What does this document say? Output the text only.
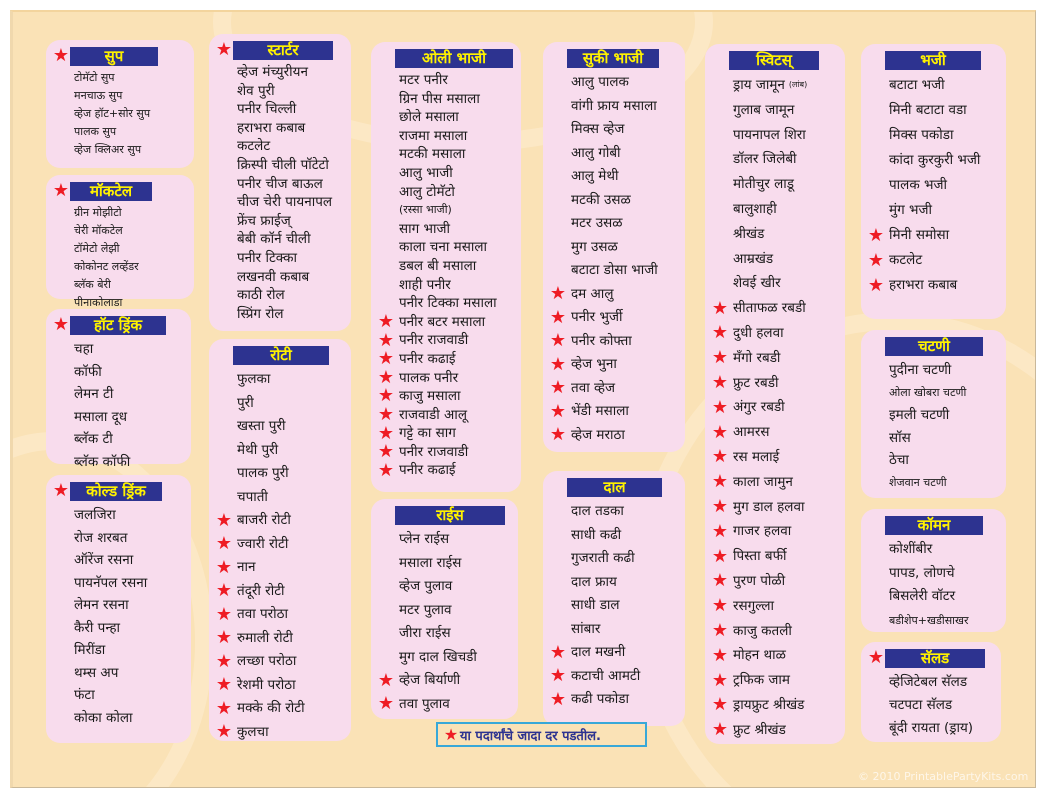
★	सुप
टोमॅटो सुप
मनचाऊ सुप
व्हेज हॉट+सोर सुप
पालक सुप
व्हेज क्लिअर सुप
★	मॉकटेल
ग्रीन मोझीटो
चेरी मॉकटेल
टॉमेटो लेझी
कोकोनट लव्हेंडर
ब्लॅक बेरी
पीनाकोलाडा
★	हॉट ड्रिंक
चहा
कॉफी
लेमन टी
मसाला दूध
ब्लॅक टी
ब्लॅक कॉफी
★	कोल्ड ड्रिंक
जलजिरा
रोज शरबत
ऑरेंज रसना
पायनॅपल रसना
लेमन रसना
कैरी पन्हा
मिरींडा
थम्स अप
फंटा
कोका कोला
★	स्टार्टर
व्हेज मंच्युरीयन
शेव पुरी
पनीर चिल्ली
हराभरा कबाब
कटलेट
क्रिस्पी चीली पॉटेटो
पनीर चीज बाऊल
चीज चेरी पायनापल
फ्रेंच फ्राईज्
बेबी कॉर्न चीली
पनीर टिक्का
लखनवी कबाब
काठी रोल
स्प्रिंग रोल
रोटी
फुलका
पुरी
खस्ता पुरी
मेथी पुरी
पालक पुरी
चपाती
★ बाजरी रोटी
★ ज्वारी रोटी
★ नान
★ तंदूरी रोटी
★ तवा परोठा
★ रुमाली रोटी
★ लच्छा परोठा
★ रेशमी परोठा
★ मक्के की रोटी
★ कुलचा
ओली भाजी
मटर पनीर
ग्रिन पीस मसाला
छोले मसाला
राजमा मसाला
मटकी मसाला
आलु भाजी
आलु टोमॅटो
(रस्सा भाजी)
साग भाजी
काला चना मसाला
डबल बी मसाला
शाही पनीर
पनीर टिक्का मसाला
★ पनीर बटर मसाला
★ पनीर राजवाडी
★ पनीर कढाई
★ पालक पनीर
★ काजु मसाला
★ राजवाडी आलू
★ गट्टे का साग
★ पनीर राजवाडी
★ पनीर कढाई
राईस
प्लेन राईस
मसाला राईस
व्हेज पुलाव
मटर पुलाव
जीरा राईस
मुग दाल खिचडी
★ व्हेज बिर्याणी
★ तवा पुलाव
सुकी भाजी
आलु पालक
वांगी फ्राय मसाला
मिक्स व्हेज
आलु गोबी
आलु मेथी
मटकी उसळ
मटर उसळ
मुग उसळ
बटाटा डोसा भाजी
★ दम आलु
★ पनीर भुर्जी
★ पनीर कोफ्ता
★ व्हेज भुना
★ तवा व्हेज
★ भेंडी मसाला
★ व्हेज मराठा
दाल
दाल तडका
साधी कढी
गुजराती कढी
दाल फ्राय
साधी डाल
सांबार
★ दाल मखनी
★ कटाची आमटी
★ कढी पकोडा
स्विटस्
ड्राय जामून (लांब)
गुलाब जामून
पायनापल शिरा
डॉलर जिलेबी
मोतीचुर लाडू
बालुशाही
श्रीखंड
आम्रखंड
शेवई खीर
★ सीताफळ रबडी
★ दुधी हलवा
★ मँगो रबडी
★ फ्रुट रबडी
★ अंगुर रबडी
★ आमरस
★ रस मलाई
★ काला जामुन
★ मुग डाल हलवा
★ गाजर हलवा
★ पिस्ता बर्फी
★ पुरण पोळी
★ रसगुल्ला
★ काजु कतली
★ मोहन थाळ
★ ट्रफिक जाम
★ ड्रायफ्रुट श्रीखंड
★ फ्रुट श्रीखंड
भजी
बटाटा भजी
मिनी बटाटा वडा
मिक्स पकोडा
कांदा कुरकुरी भजी
पालक भजी
मुंग भजी
★ मिनी समोसा
★ कटलेट
★ हराभरा कबाब
चटणी
पुदीना चटणी
ओला खोबरा चटणी
इमली चटणी
सॉस
ठेचा
शेजवान चटणी
कॉमन
कोशींबीर
पापड, लोणचे
बिसलेरी वॉटर
बडीशेप+खडीसाखर
★	सॅलड
व्हेजिटेबल सॅलड
चटपटा सॅलड
बूंदी रायता (ड्राय)
★ या पदार्थांचे जादा दर पडतील.
© 2010 PrintablePartyKits.com
